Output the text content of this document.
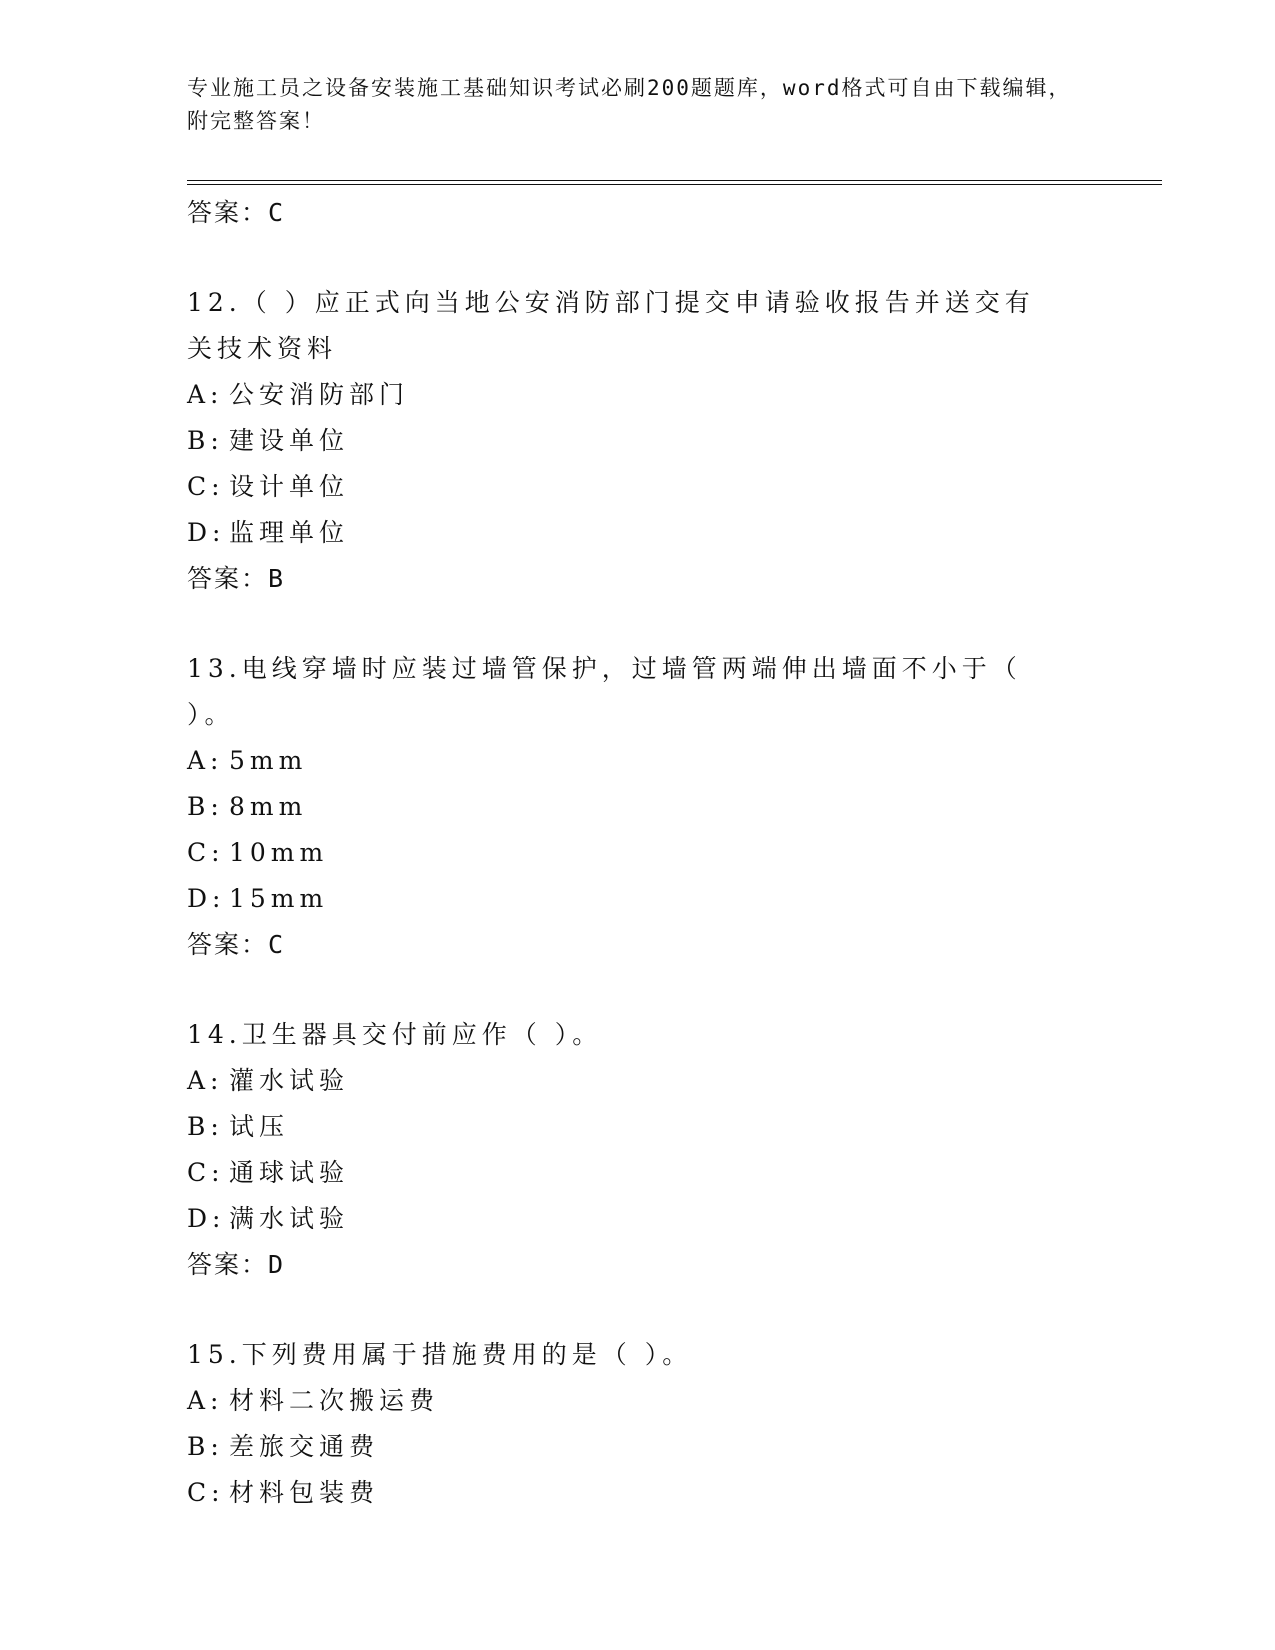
专业施工员之设备安装施工基础知识考试必刷200题题库，word格式可自由下载编辑，附完整答案！

答案：C
12.（ ）应正式向当地公安消防部门提交申请验收报告并送交有关技术资料
A: 公安消防部门
B: 建设单位
C: 设计单位
D: 监理单位
答案：B
13.电线穿墙时应装过墙管保护，过墙管两端伸出墙面不小于（ ）。
A: 5mm
B: 8mm
C: 10mm
D: 15mm
答案：C
14.卫生器具交付前应作（ ）。
A: 灌水试验
B: 试压
C: 通球试验
D: 满水试验
答案：D
15.下列费用属于措施费用的是（ ）。
A: 材料二次搬运费
B: 差旅交通费
C: 材料包装费
